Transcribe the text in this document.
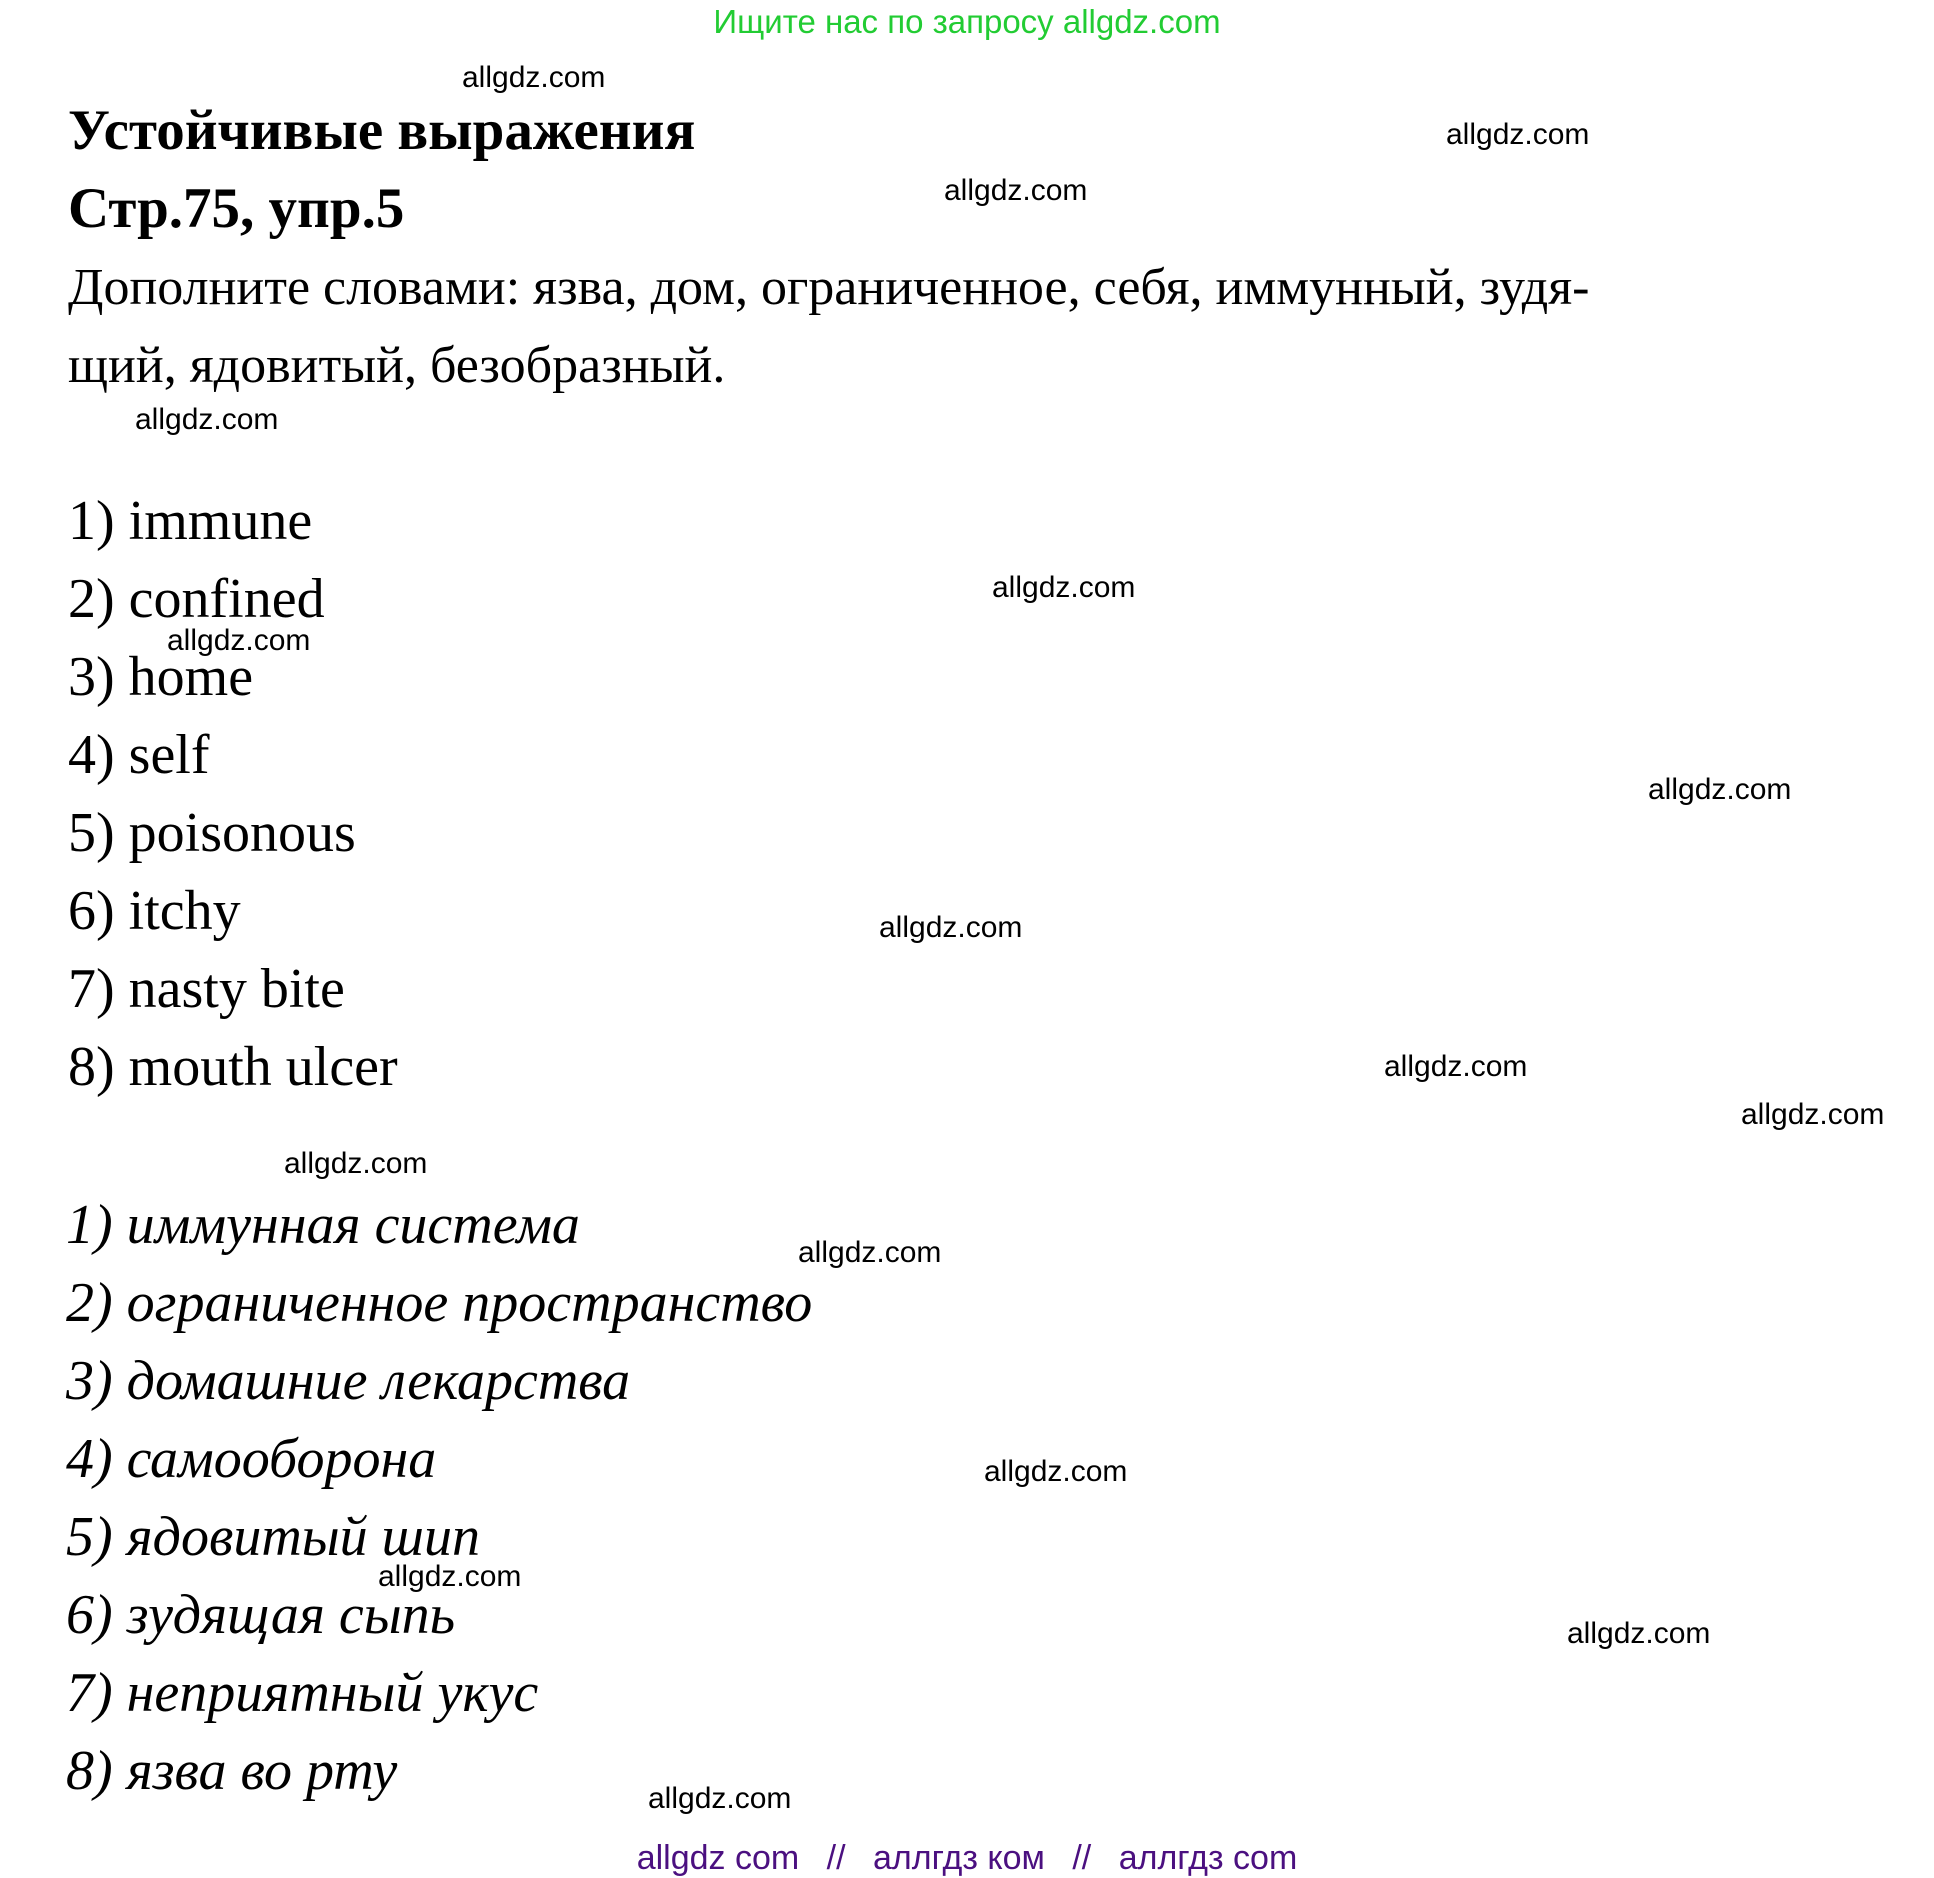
Ищите нас по запросу allgdz.com
Устойчивые выражения
Стр.75, упр.5
Дополните словами: язва, дом, ограниченное, себя, иммунный, зудя-
щий, ядовитый, безобразный.
1) immune
2) confined
3) home
4) self
5) poisonous
6) itchy
7) nasty bite
8) mouth ulcer
1) иммунная система
2) ограниченное пространство
3) домашние лекарства
4) самооборона
5) ядовитый шип
6) зудящая сыпь
7) неприятный укус
8) язва во рту
allgdz.com
allgdz.com
allgdz.com
allgdz.com
allgdz.com
allgdz.com
allgdz.com
allgdz.com
allgdz.com
allgdz.com
allgdz.com
allgdz.com
allgdz.com
allgdz.com
allgdz.com
allgdz.com
allgdz com // аллгдз ком // аллгдз com
